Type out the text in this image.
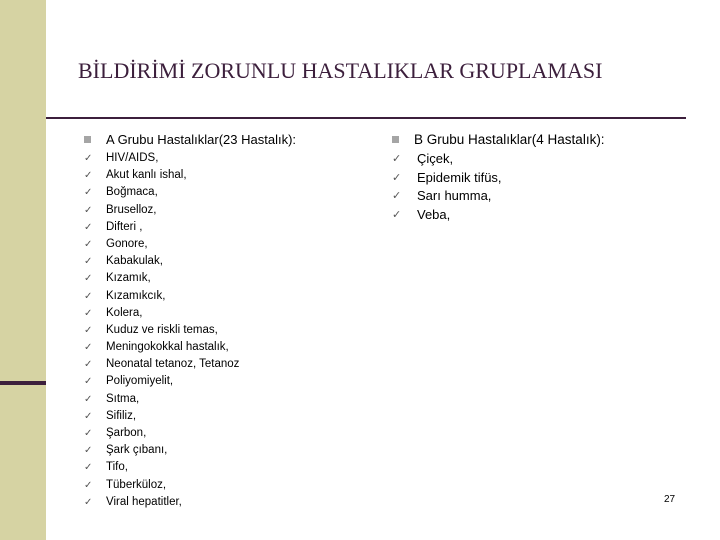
BİLDİRİMİ ZORUNLU HASTALIKLAR GRUPLAMASI
A Grubu Hastalıklar(23 Hastalık):
✓	HIV/AIDS,
✓	Akut kanlı ishal,
✓	Boğmaca,
✓	Bruselloz,
✓	Difteri ,
✓	Gonore,
✓	Kabakulak,
✓	Kızamık,
✓	Kızamıkcık,
✓	Kolera,
✓	Kuduz ve riskli temas,
✓	Meningokokkal hastalık,
✓	Neonatal tetanoz, Tetanoz
✓	Poliyomiyelit,
✓	Sıtma,
✓	Sifiliz,
✓	Şarbon,
✓	Şark çıbanı,
✓	Tifo,
✓	Tüberküloz,
✓	Viral hepatitler,
B Grubu Hastalıklar(4 Hastalık):
✓	Çiçek,
✓	Epidemik tifüs,
✓	Sarı humma,
✓	Veba,
27
